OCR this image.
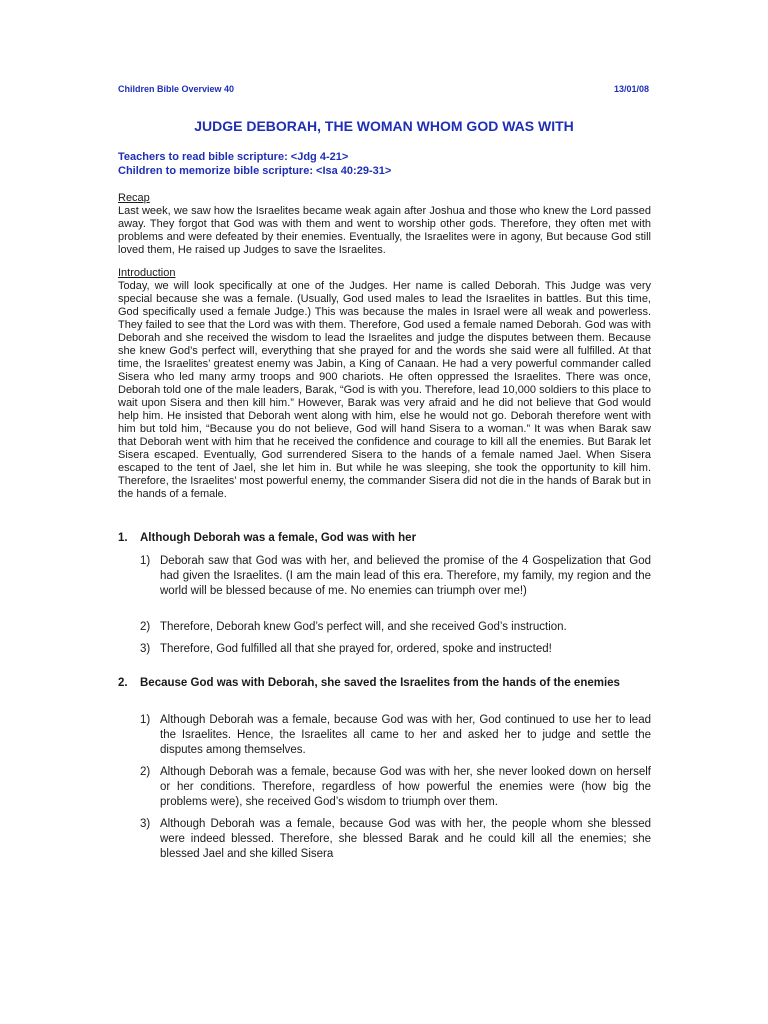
Children Bible Overview 40	13/01/08
JUDGE DEBORAH, THE WOMAN WHOM GOD WAS WITH
Teachers to read bible scripture: <Jdg 4-21>
Children to memorize bible scripture: <Isa 40:29-31>
Recap

Last week, we saw how the Israelites became weak again after Joshua and those who knew the Lord passed away. They forgot that God was with them and went to worship other gods. Therefore, they often met with problems and were defeated by their enemies. Eventually, the Israelites were in agony, But because God still loved them, He raised up Judges to save the Israelites.

Introduction

Today, we will look specifically at one of the Judges. Her name is called Deborah. This Judge was very special because she was a female. (Usually, God used males to lead the Israelites in battles. But this time, God specifically used a female Judge.) This was because the males in Israel were all weak and powerless. They failed to see that the Lord was with them. Therefore, God used a female named Deborah. God was with Deborah and she received the wisdom to lead the Israelites and judge the disputes between them. Because she knew God’s perfect will, everything that she prayed for and the words she said were all fulfilled. At that time, the Israelites’ greatest enemy was Jabin, a King of Canaan. He had a very powerful commander called Sisera who led many army troops and 900 chariots. He often oppressed the Israelites. There was once, Deborah told one of the male leaders, Barak, “God is with you. Therefore, lead 10,000 soldiers to this place to wait upon Sisera and then kill him.” However, Barak was very afraid and he did not believe that God would help him. He insisted that Deborah went along with him, else he would not go. Deborah therefore went with him but told him, “Because you do not believe, God will hand Sisera to a woman.” It was when Barak saw that Deborah went with him that he received the confidence and courage to kill all the enemies. But Barak let Sisera escaped. Eventually, God surrendered Sisera to the hands of a female named Jael. When Sisera escaped to the tent of Jael, she let him in. But while he was sleeping, she took the opportunity to kill him. Therefore, the Israelites’ most powerful enemy, the commander Sisera did not die in the hands of Barak but in the hands of a female.

1. Although Deborah was a female, God was with her
1) Deborah saw that God was with her, and believed the promise of the 4 Gospelization that God had given the Israelites. (I am the main lead of this era. Therefore, my family, my region and the world will be blessed because of me. No enemies can triumph over me!)
2) Therefore, Deborah knew God’s perfect will, and she received God’s instruction.
3) Therefore, God fulfilled all that she prayed for, ordered, spoke and instructed!
2. Because God was with Deborah, she saved the Israelites from the hands of the enemies
1) Although Deborah was a female, because God was with her, God continued to use her to lead the Israelites. Hence, the Israelites all came to her and asked her to judge and settle the disputes among themselves.
2) Although Deborah was a female, because God was with her, she never looked down on herself or her conditions. Therefore, regardless of how powerful the enemies were (how big the problems were), she received God’s wisdom to triumph over them.
3) Although Deborah was a female, because God was with her, the people whom she blessed were indeed blessed. Therefore, she blessed Barak and he could kill all the enemies; she blessed Jael and she killed Sisera
